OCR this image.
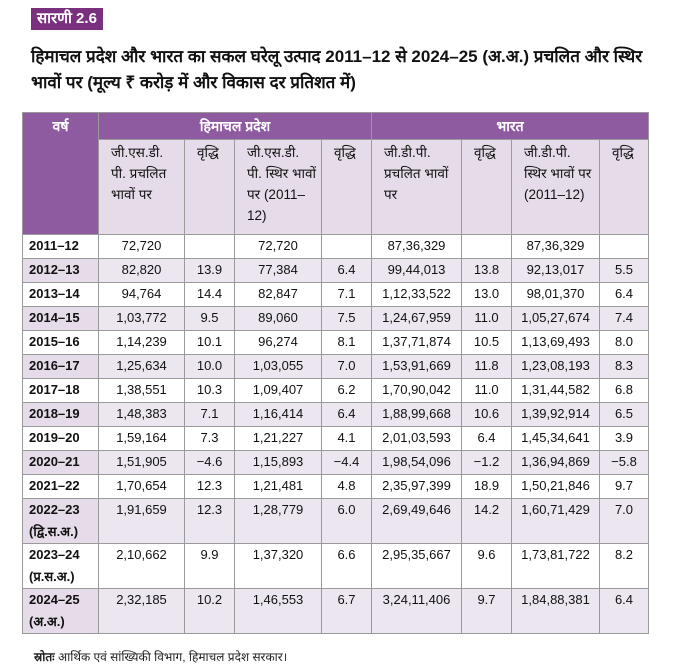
सारणी 2.6
हिमाचल प्रदेश और भारत का सकल घरेलू उत्पाद 2011–12 से 2024–25 (अ.अ.) प्रचलित और स्थिर भावों पर (मूल्य ₹ करोड़ में और विकास दर प्रतिशत में)
वर्ष	हिमाचल प्रदेश				भारत			
	जी.एस.डी. पी. प्रचलित भावों पर	वृद्धि	जी.एस.डी. पी. स्थिर भावों पर (2011–12)	वृद्धि	जी.डी.पी. प्रचलित भावों पर	वृद्धि	जी.डी.पी. स्थिर भावों पर (2011–12)	वृद्धि
2011–12	72,720		72,720		87,36,329		87,36,329	
2012–13	82,820	13.9	77,384	6.4	99,44,013	13.8	92,13,017	5.5
2013–14	94,764	14.4	82,847	7.1	1,12,33,522	13.0	98,01,370	6.4
2014–15	1,03,772	9.5	89,060	7.5	1,24,67,959	11.0	1,05,27,674	7.4
2015–16	1,14,239	10.1	96,274	8.1	1,37,71,874	10.5	1,13,69,493	8.0
2016–17	1,25,634	10.0	1,03,055	7.0	1,53,91,669	11.8	1,23,08,193	8.3
2017–18	1,38,551	10.3	1,09,407	6.2	1,70,90,042	11.0	1,31,44,582	6.8
2018–19	1,48,383	7.1	1,16,414	6.4	1,88,99,668	10.6	1,39,92,914	6.5
2019–20	1,59,164	7.3	1,21,227	4.1	2,01,03,593	6.4	1,45,34,641	3.9
2020–21	1,51,905	−4.6	1,15,893	−4.4	1,98,54,096	−1.2	1,36,94,869	−5.8
2021–22	1,70,654	12.3	1,21,481	4.8	2,35,97,399	18.9	1,50,21,846	9.7
2022–23
(द्वि.स.अ.)	1,91,659	12.3	1,28,779	6.0	2,69,49,646	14.2	1,60,71,429	7.0
2023–24
(प्र.स.अ.)	2,10,662	9.9	1,37,320	6.6	2,95,35,667	9.6	1,73,81,722	8.2
2024–25
(अ.अ.)	2,32,185	10.2	1,46,553	6.7	3,24,11,406	9.7	1,84,88,381	6.4
स्रोतः आर्थिक एवं सांख्यिकी विभाग, हिमाचल प्रदेश सरकार।
